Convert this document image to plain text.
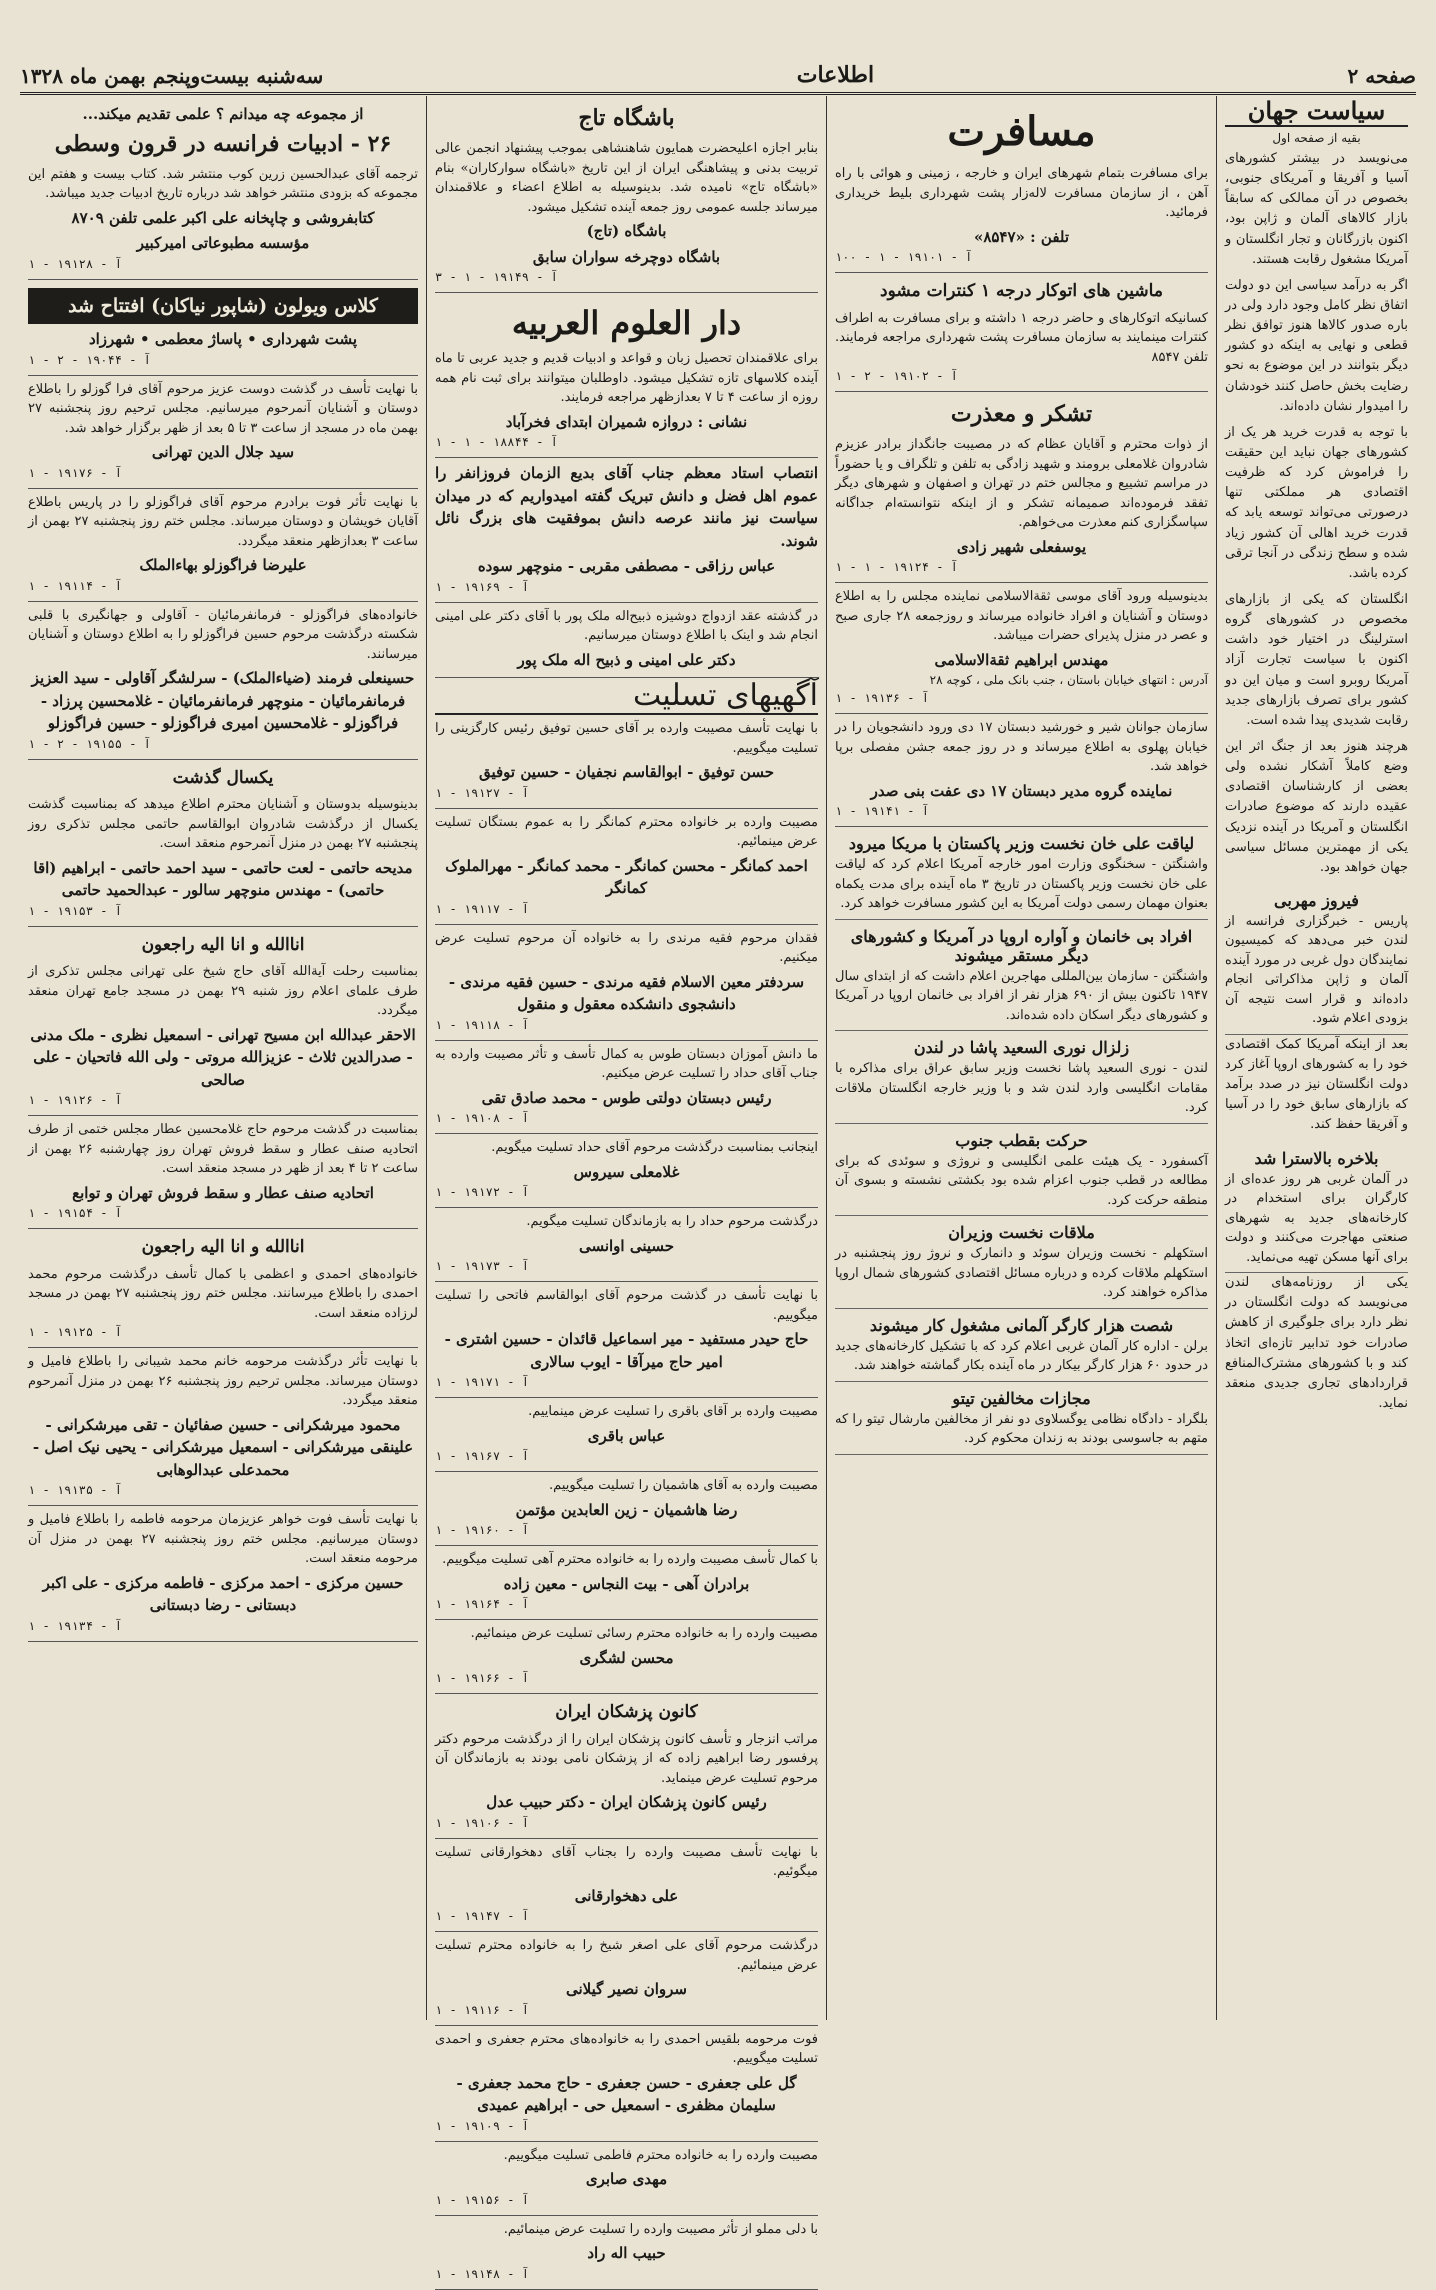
صفحه ۲
اطلاعات
سه‌شنبه بیست‌وپنجم بهمن ماه ۱۳۲۸
سیاست جهان
بقیه از صفحه اول

می‌نویسد در بیشتر کشورهای آسیا و آفریقا و آمریکای جنوبی، بخصوص در آن ممالکی که سابقاً بازار کالاهای آلمان و ژاپن بود، اکنون بازرگانان و تجار انگلستان و آمریکا مشغول رقابت هستند.

اگر به درآمد سیاسی این دو دولت اتفاق نظر کامل وجود دارد ولی در باره صدور کالاها هنوز توافق نظر قطعی و نهایی به اینکه دو کشور دیگر بتوانند در این موضوع به نحو رضایت بخش حاصل کنند خودشان را امیدوار نشان داده‌اند.

با توجه به قدرت خرید هر یک از کشورهای جهان نباید این حقیقت را فراموش کرد که ظرفیت اقتصادی هر مملکتی تنها درصورتی می‌تواند توسعه یابد که قدرت خرید اهالی آن کشور زیاد شده و سطح زندگی در آنجا ترقی کرده باشد.

انگلستان که یکی از بازارهای مخصوص در کشورهای گروه استرلینگ در اختیار خود داشت اکنون با سیاست تجارت آزاد آمریکا روبرو است و میان این دو کشور برای تصرف بازارهای جدید رقابت شدیدی پیدا شده است.

هرچند هنوز بعد از جنگ اثر این وضع کاملاً آشکار نشده ولی بعضی از کارشناسان اقتصادی عقیده دارند که موضوع صادرات انگلستان و آمریکا در آینده نزدیک یکی از مهمترین مسائل سیاسی جهان خواهد بود.

فیروز مهربی

پاریس - خبرگزاری فرانسه از لندن خبر می‌دهد که کمیسیون نمایندگان دول غربی در مورد آینده آلمان و ژاپن مذاکراتی انجام داده‌اند و قرار است نتیجه آن بزودی اعلام شود.

بعد از اینکه آمریکا کمک اقتصادی خود را به کشورهای اروپا آغاز کرد دولت انگلستان نیز در صدد برآمد که بازارهای سابق خود را در آسیا و آفریقا حفظ کند.

بلاخره بالاسترا شد

در آلمان غربی هر روز عده‌ای از کارگران برای استخدام در کارخانه‌های جدید به شهرهای صنعتی مهاجرت می‌کنند و دولت برای آنها مسکن تهیه می‌نماید.

یکی از روزنامه‌های لندن می‌نویسد که دولت انگلستان در نظر دارد برای جلوگیری از کاهش صادرات خود تدابیر تازه‌ای اتخاذ کند و با کشورهای مشترک‌المنافع قراردادهای تجاری جدیدی منعقد نماید.

مسافرت
برای مسافرت بتمام شهرهای ایران و خارجه ، زمینی و هوائی با راه آهن ، از سازمان مسافرت لاله‌زار پشت شهرداری بلیط خریداری فرمائید.
تلفن : «۸۵۴۷»
آ - ۱۹۱۰۱ - ۱ - ۱۰۰
ماشین های اتوکار درجه ۱ کنترات مشود
کسانیکه اتوکارهای و حاضر درجه ۱ داشته و برای مسافرت به اطراف کنترات مینمایند به سازمان مسافرت پشت شهرداری مراجعه فرمایند. تلفن ۸۵۴۷
آ - ۱۹۱۰۲ - ۲ - ۱
تشکر و معذرت
از ذوات محترم و آقایان عظام که در مصیبت جانگداز برادر عزیزم شادروان غلامعلی برومند و شهید زادگی به تلفن و تلگراف و یا حضوراً در مراسم تشییع و مجالس ختم در تهران و اصفهان و شهرهای دیگر تفقد فرموده‌اند صمیمانه تشکر و از اینکه نتوانسته‌ام جداگانه سپاسگزاری کنم معذرت می‌خواهم.
یوسفعلی شهیر زادی
آ - ۱۹۱۲۴ - ۱ - ۱
بدینوسیله ورود آقای موسی ثقةالاسلامی نماینده مجلس را به اطلاع دوستان و آشنایان و افراد خانواده میرساند و روزجمعه ۲۸ جاری صبح و عصر در منزل پذیرای حضرات میباشد.
مهندس ابراهیم ثقةالاسلامی
آدرس : انتهای خیابان باستان ، جنب بانک ملی ، کوچه ۲۸
آ - ۱۹۱۳۶ - ۱
سازمان جوانان شیر و خورشید دبستان ۱۷ دی ورود دانشجویان را در خیابان پهلوی به اطلاع میرساند و در روز جمعه جشن مفصلی برپا خواهد شد.
نماینده گروه مدیر دبستان ۱۷ دی عفت بنی صدر
آ - ۱۹۱۴۱ - ۱
لیاقت علی خان نخست وزیر پاکستان با مریکا میرود

واشنگتن - سخنگوی وزارت امور خارجه آمریکا اعلام کرد که لیاقت علی خان نخست وزیر پاکستان در تاریخ ۳ ماه آینده برای مدت یکماه بعنوان مهمان رسمی دولت آمریکا به این کشور مسافرت خواهد کرد.

افراد بی خانمان و آواره اروپا در آمریکا و کشورهای دیگر مستقر میشوند

واشنگتن - سازمان بین‌المللی مهاجرین اعلام داشت که از ابتدای سال ۱۹۴۷ تاکنون بیش از ۶۹۰ هزار نفر از افراد بی خانمان اروپا در آمریکا و کشورهای دیگر اسکان داده شده‌اند.

زلزال نوری السعید پاشا در لندن

لندن - نوری السعید پاشا نخست وزیر سابق عراق برای مذاکره با مقامات انگلیسی وارد لندن شد و با وزیر خارجه انگلستان ملاقات کرد.

حرکت بقطب جنوب

آکسفورد - یک هیئت علمی انگلیسی و نروژی و سوئدی که برای مطالعه در قطب جنوب اعزام شده بود بکشتی نشسته و بسوی آن منطقه حرکت کرد.

ملاقات نخست وزیران

استکهلم - نخست وزیران سوئد و دانمارک و نروژ روز پنجشنبه در استکهلم ملاقات کرده و درباره مسائل اقتصادی کشورهای شمال اروپا مذاکره خواهند کرد.

شصت هزار کارگر آلمانی مشغول کار میشوند

برلن - اداره کار آلمان غربی اعلام کرد که با تشکیل کارخانه‌های جدید در حدود ۶۰ هزار کارگر بیکار در ماه آینده بکار گماشته خواهند شد.

مجازات مخالفین تیتو

بلگراد - دادگاه نظامی یوگسلاوی دو نفر از مخالفین مارشال تیتو را که متهم به جاسوسی بودند به زندان محکوم کرد.

باشگاه تاج
بنابر اجازه اعلیحضرت همایون شاهنشاهی بموجب پیشنهاد انجمن عالی تربیت بدنی و پیشاهنگی ایران از این تاریخ «باشگاه سوارکاران» بنام «باشگاه تاج» نامیده شد. بدینوسیله به اطلاع اعضاء و علاقمندان میرساند جلسه عمومی روز جمعه آینده تشکیل میشود.
باشگاه (تاج)
باشگاه دوچرخه سواران سابق
آ - ۱۹۱۴۹ - ۱ - ۳
دار العلوم العربیه
برای علاقمندان تحصیل زبان و قواعد و ادبیات قدیم و جدید عربی تا ماه آینده کلاسهای تازه تشکیل میشود. داوطلبان میتوانند برای ثبت نام همه روزه از ساعت ۴ تا ۷ بعدازظهر مراجعه فرمایند.
نشانی : دروازه شمیران ابتدای فخرآباد
آ - ۱۸۸۴۴ - ۱ - ۱
انتصاب استاد معظم جناب آقای بدیع الزمان فروزانفر را عموم اهل فضل و دانش تبریک گفته امیدواریم که در میدان سیاست نیز مانند عرصه دانش بموفقیت های بزرگ نائل شوند.
عباس رزاقی - مصطفی مقربی - منوچهر سوده
آ - ۱۹۱۶۹ - ۱
در گذشته عقد ازدواج دوشیزه ذبیح‌اله ملک پور با آقای دکتر علی امینی انجام شد و اینک با اطلاع دوستان میرسانیم.
دکتر علی امینی و ذبیح اله ملک پور
آگهیهای تسلیت
با نهایت تأسف مصیبت وارده بر آقای حسین توفیق رئیس کارگزینی را تسلیت میگوییم.
حسن توفیق - ابوالقاسم نجفیان - حسین توفیق
آ - ۱۹۱۲۷ - ۱
مصیبت وارده بر خانواده محترم کمانگر را به عموم بستگان تسلیت عرض مینمائیم.
احمد کمانگر - محسن کمانگر - محمد کمانگر - مهرالملوک کمانگر
آ - ۱۹۱۱۷ - ۱
فقدان مرحوم فقیه مرندی را به خانواده آن مرحوم تسلیت عرض میکنیم.
سردفتر معین الاسلام فقیه مرندی - حسین فقیه مرندی - دانشجوی دانشکده معقول و منقول
آ - ۱۹۱۱۸ - ۱
ما دانش آموزان دبستان طوس به کمال تأسف و تأثر مصیبت وارده به جناب آقای حداد را تسلیت عرض میکنیم.
رئیس دبستان دولتی طوس - محمد صادق تقی
آ - ۱۹۱۰۸ - ۱
اینجانب بمناسبت درگذشت مرحوم آقای حداد تسلیت میگویم.
غلامعلی سیروس
آ - ۱۹۱۷۲ - ۱
درگذشت مرحوم حداد را به بازماندگان تسلیت میگویم.
حسینی اوانسی
آ - ۱۹۱۷۳ - ۱
با نهایت تأسف در گذشت مرحوم آقای ابوالقاسم فاتحی را تسلیت میگوییم.
حاج حیدر مستفید - میر اسماعیل قائدان - حسین اشتری - امیر حاج میرآقا - ایوب سالاری
آ - ۱۹۱۷۱ - ۱
مصیبت وارده بر آقای باقری را تسلیت عرض مینماییم.
عباس باقری
آ - ۱۹۱۶۷ - ۱
مصیبت وارده به آقای هاشمیان را تسلیت میگوییم.
رضا هاشمیان - زین العابدین مؤتمن
آ - ۱۹۱۶۰ - ۱
با کمال تأسف مصیبت وارده را به خانواده محترم آهی تسلیت میگوییم.
برادران آهی - بیت النجاس - معین زاده
آ - ۱۹۱۶۴ - ۱
مصیبت وارده را به خانواده محترم رسائی تسلیت عرض مینمائیم.
محسن لشگری
آ - ۱۹۱۶۶ - ۱
کانون پزشکان ایران
مراتب انزجار و تأسف کانون پزشکان ایران را از درگذشت مرحوم دکتر پرفسور رضا ابراهیم زاده که از پزشکان نامی بودند به بازماندگان آن مرحوم تسلیت عرض مینماید.
رئیس کانون پزشکان ایران - دکتر حبیب عدل
آ - ۱۹۱۰۶ - ۱
با نهایت تأسف مصیبت وارده را بجناب آقای دهخوارقانی تسلیت میگوئیم.
علی دهخوارقانی
آ - ۱۹۱۴۷ - ۱
درگذشت مرحوم آقای علی اصغر شیخ را به خانواده محترم تسلیت عرض مینمائیم.
سروان نصیر گیلانی
آ - ۱۹۱۱۶ - ۱
فوت مرحومه بلقیس احمدی را به خانواده‌های محترم جعفری و احمدی تسلیت میگوییم.
گل علی جعفری - حسن جعفری - حاج محمد جعفری - سلیمان مظفری - اسمعیل حی - ابراهیم عمیدی
آ - ۱۹۱۰۹ - ۱
مصیبت وارده را به خانواده محترم فاطمی تسلیت میگوییم.
مهدی صابری
آ - ۱۹۱۵۶ - ۱
با دلی مملو از تأثر مصیبت وارده را تسلیت عرض مینمائیم.
حبیب اله راد
آ - ۱۹۱۴۸ - ۱
از مجموعه چه میدانم ؟ علمی تقدیم میکند...
۲۶ - ادبیات فرانسه در قرون وسطی
ترجمه آقای عبدالحسین زرین کوب منتشر شد. کتاب بیست و هفتم این مجموعه که بزودی منتشر خواهد شد درباره تاریخ ادبیات جدید میباشد.
کتابفروشی و چاپخانه علی اکبر علمی تلفن ۸۷۰۹
مؤسسه مطبوعاتی امیرکبیر
آ - ۱۹۱۲۸ - ۱
کلاس ویولون (شاپور نیاکان) افتتاح شد
پشت شهرداری • پاساژ معطمی • شهرزاد
آ - ۱۹۰۴۴ - ۲ - ۱
با نهایت تأسف در گذشت دوست عزیز مرحوم آقای فرا گوزلو را باطلاع دوستان و آشنایان آنمرحوم میرسانیم. مجلس ترحیم روز پنجشنبه ۲۷ بهمن ماه در مسجد از ساعت ۳ تا ۵ بعد از ظهر برگزار خواهد شد.
سید جلال الدین تهرانی
آ - ۱۹۱۷۶ - ۱
با نهایت تأثر فوت برادرم مرحوم آقای فراگوزلو را در پاریس باطلاع آقایان خویشان و دوستان میرساند. مجلس ختم روز پنجشنبه ۲۷ بهمن از ساعت ۳ بعدازظهر منعقد میگردد.
علیرضا فراگوزلو بهاءالملک
آ - ۱۹۱۱۴ - ۱
خانواده‌های فراگوزلو - فرمانفرمائیان - آقاولی و جهانگیری با قلبی شکسته درگذشت مرحوم حسین فراگوزلو را به اطلاع دوستان و آشنایان میرسانند.
حسینعلی فرمند (ضیاءالملک) - سرلشگر آقاولی - سید العزیز فرمانفرمائیان - منوچهر فرمانفرمائیان - غلامحسین پرزاد - فراگوزلو - غلامحسین امیری فراگوزلو - حسین فراگوزلو
آ - ۱۹۱۵۵ - ۲ - ۱
یکسال گذشت
بدینوسیله بدوستان و آشنایان محترم اطلاع میدهد که بمناسبت گذشت یکسال از درگذشت شادروان ابوالقاسم حاتمی مجلس تذکری روز پنجشنبه ۲۷ بهمن در منزل آنمرحوم منعقد است.
مدیحه حاتمی - لعت حاتمی - سید احمد حاتمی - ابراهیم (اقا حاتمی) - مهندس منوچهر سالور - عبدالحمید حاتمی
آ - ۱۹۱۵۳ - ۱
اناالله و انا الیه راجعون
بمناسبت رحلت آیةالله آقای حاج شیخ علی تهرانی مجلس تذکری از طرف علمای اعلام روز شنبه ۲۹ بهمن در مسجد جامع تهران منعقد میگردد.
الاحقر عبدالله ابن مسیح تهرانی - اسمعیل نظری - ملک مدنی - صدرالدین ثلاث - عزیزالله مروتی - ولی الله فاتحیان - علی صالحی
آ - ۱۹۱۲۶ - ۱
بمناسبت در گذشت مرحوم حاج غلامحسین عطار مجلس ختمی از طرف اتحادیه صنف عطار و سقط فروش تهران روز چهارشنبه ۲۶ بهمن از ساعت ۲ تا ۴ بعد از ظهر در مسجد منعقد است.
اتحادیه صنف عطار و سقط فروش تهران و توابع
آ - ۱۹۱۵۴ - ۱
اناالله و انا الیه راجعون
خانواده‌های احمدی و اعظمی با کمال تأسف درگذشت مرحوم محمد احمدی را باطلاع میرسانند. مجلس ختم روز پنجشنبه ۲۷ بهمن در مسجد لرزاده منعقد است.
آ - ۱۹۱۲۵ - ۱
با نهایت تأثر درگذشت مرحومه خانم محمد شیبانی را باطلاع فامیل و دوستان میرساند. مجلس ترحیم روز پنجشنبه ۲۶ بهمن در منزل آنمرحوم منعقد میگردد.
محمود میرشکرانی - حسین صفائیان - تقی میرشکرانی - علینقی میرشکرانی - اسمعیل میرشکرانی - یحیی نیک اصل - محمدعلی عبدالوهابی
آ - ۱۹۱۳۵ - ۱
با نهایت تأسف فوت خواهر عزیزمان مرحومه فاطمه را باطلاع فامیل و دوستان میرسانیم. مجلس ختم روز پنجشنبه ۲۷ بهمن در منزل آن مرحومه منعقد است.
حسین مرکزی - احمد مرکزی - فاطمه مرکزی - علی اکبر دبستانی - رضا دبستانی
آ - ۱۹۱۳۴ - ۱
